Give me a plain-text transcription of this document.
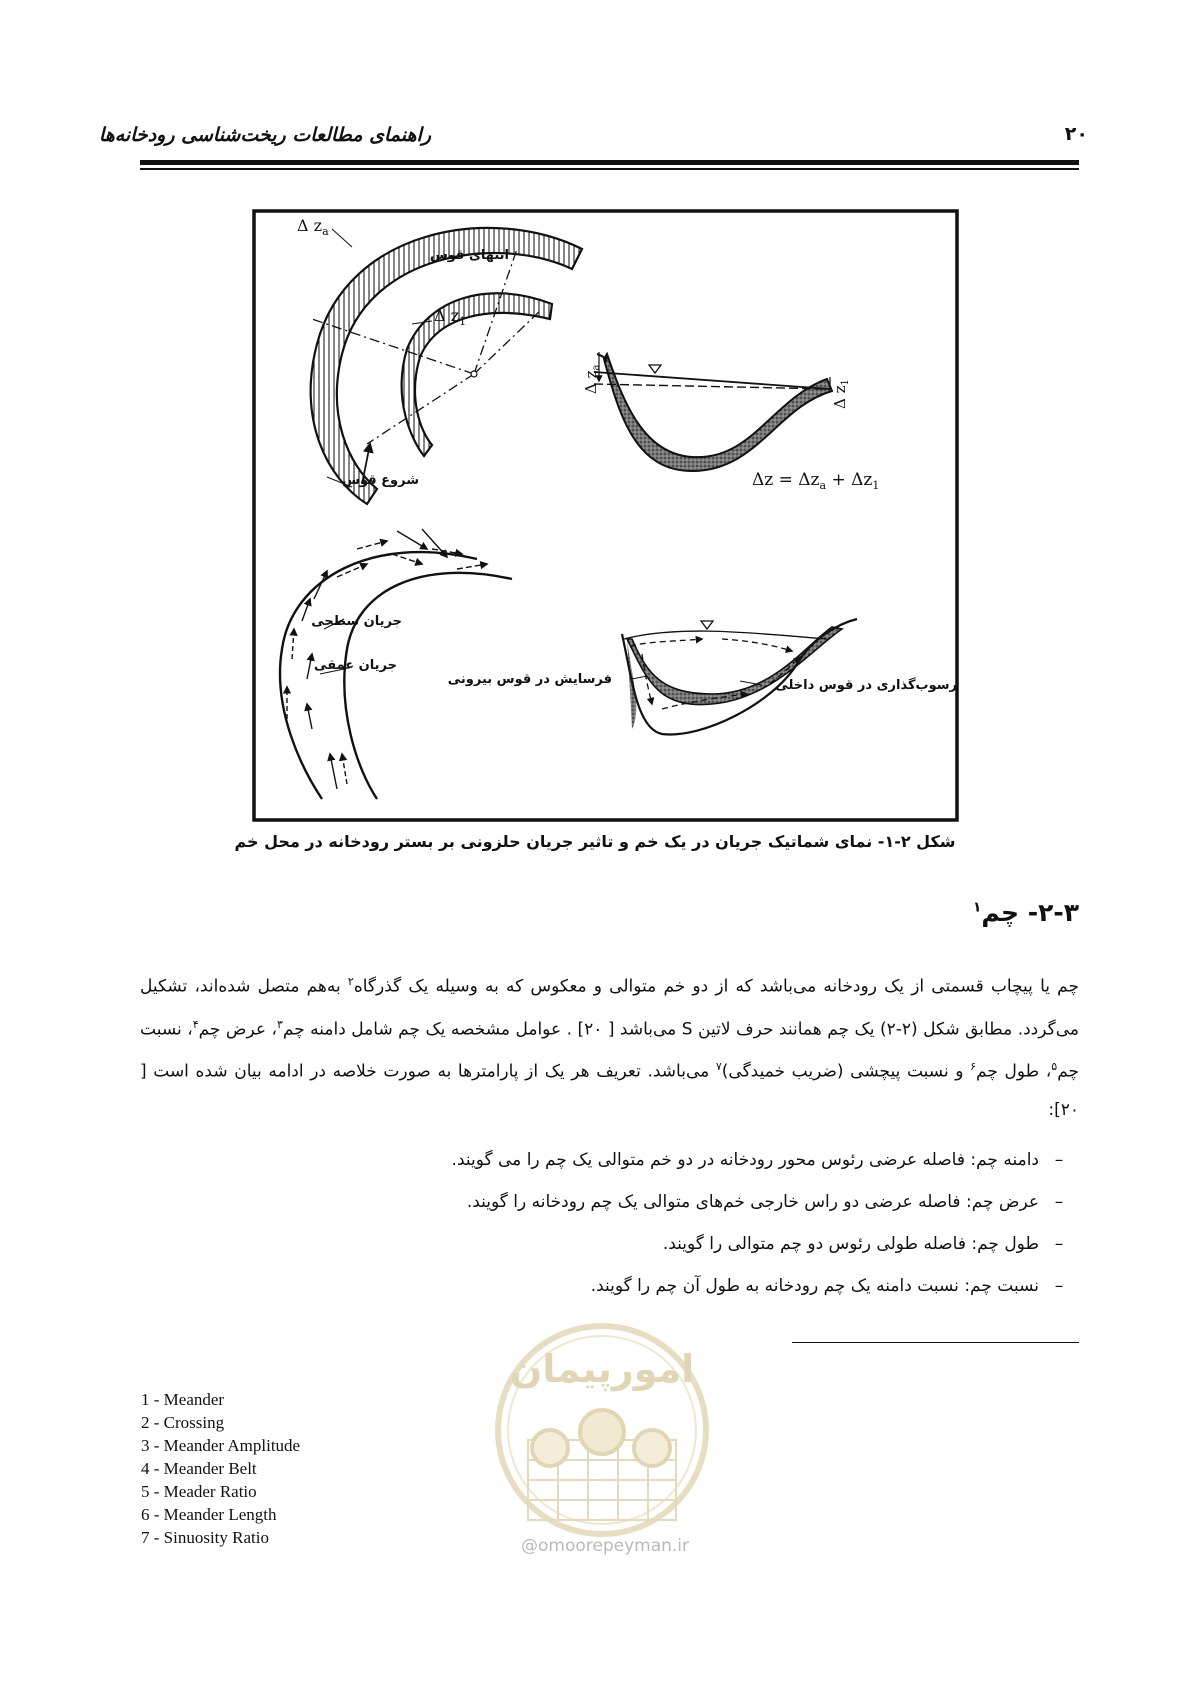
۲۰
راهنمای مطالعات ریخت‌شناسی رودخانه‌ها
Δ $z_a$
انتهای قوس
Δ $z_1$
شروع قوس
Δ $z_a$
Δ $z_1$
$\Delta z = \Delta z_a + \Delta z_1$
جریان سطحی
جریان عمقی
فرسایش در قوس بیرونی	رسوب‌گذاری در قوس داخلی
شکل ۲-۱- نمای شماتیک جریان در یک خم و تاثیر جریان حلزونی بر بستر رودخانه در محل خم
۲-۳- چم$^۱$

چم یا پیچاب قسمتی از یک رودخانه می‌باشد که از دو خم متوالی و معکوس که به وسیله یک گذرگاه$^۲$ به‌هم متصل شده‌اند، تشکیل می‌گردد. مطابق شکل (۲-۲) یک چم همانند حرف لاتین S می‌باشد [ ۲۰] . عوامل مشخصه یک چم شامل دامنه چم$^۳$، عرض چم$^۴$، نسبت چم$^۵$، طول چم$^۶$ و نسبت پیچشی (ضریب خمیدگی)$^۷$ می‌باشد. تعریف هر یک از پارامترها به صورت خلاصه در ادامه بیان شده است [ ۲۰]:

–دامنه چم: فاصله عرضی رئوس محور رودخانه در دو خم متوالی یک چم را می گویند.
–عرض چم: فاصله عرضی دو راس خارجی خم‌های متوالی یک چم رودخانه را گویند.
–طول چم: فاصله طولی رئوس دو چم متوالی را گویند.
–نسبت چم: نسبت دامنه یک چم رودخانه به طول آن چم را گویند.
امورپیمان
@omoorepeyman.ir
1 - Meander
2 - Crossing
3 - Meander Amplitude
4 - Meander Belt
5 - Meader Ratio
6 - Meander Length
7 - Sinuosity Ratio
